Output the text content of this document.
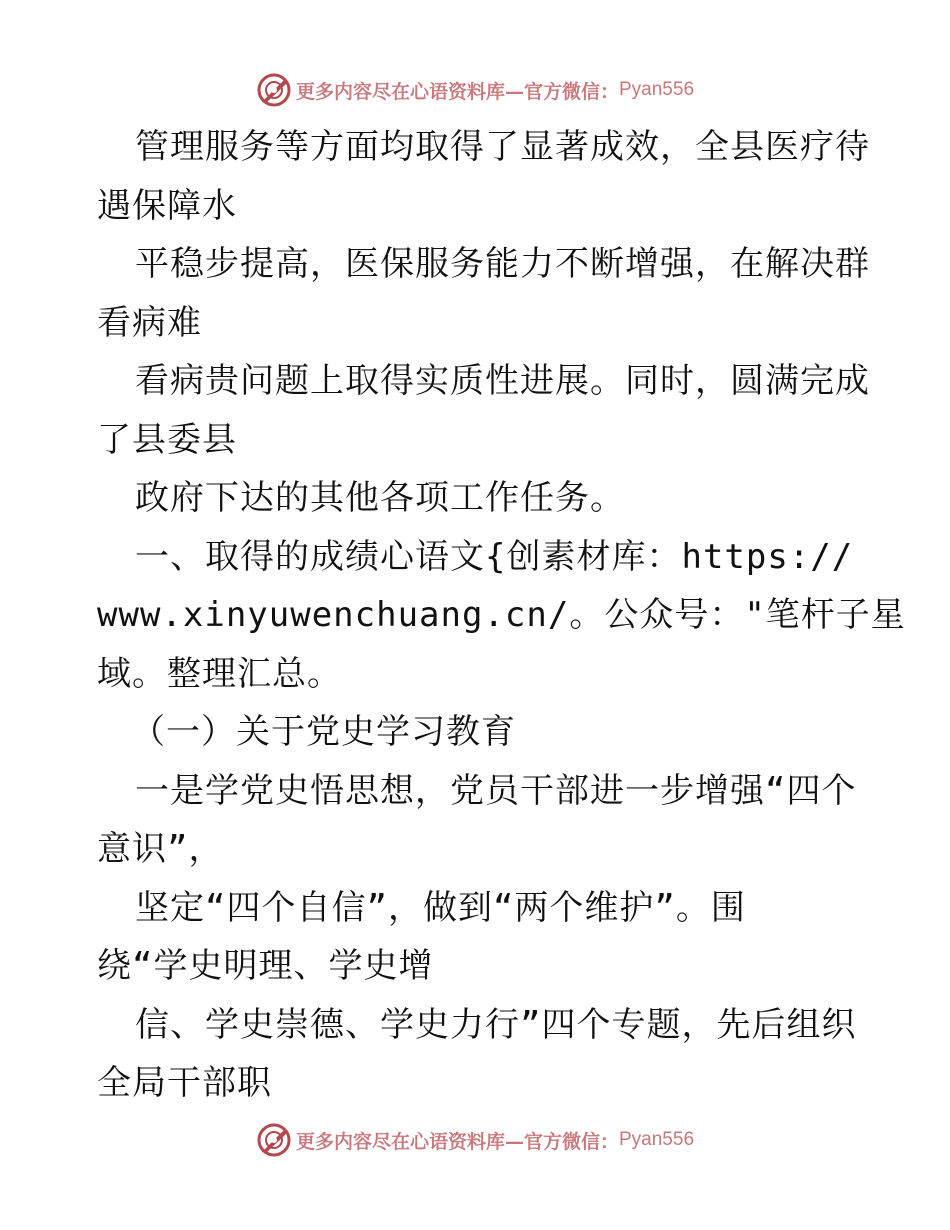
更多内容尽在心语资料库—官方微信： Pyan556
管理服务等方面均取得了显著成效，全县医疗待
遇保障水
平稳步提高，医保服务能力不断增强，在解决群
看病难
看病贵问题上取得实质性进展。同时，圆满完成
了县委县
政府下达的其他各项工作任务。
一、取得的成绩心语文{创素材库：https://
www.xinyuwenchuang.cn/。公众号："笔杆子星
域。整理汇总。
（一）关于党史学习教育
一是学党史悟思想，党员干部进一步增强“四个
意识”，
坚定“四个自信”，做到“两个维护”。围
绕“学史明理、学史增
信、学史崇德、学史力行”四个专题，先后组织
全局干部职
更多内容尽在心语资料库—官方微信： Pyan556
